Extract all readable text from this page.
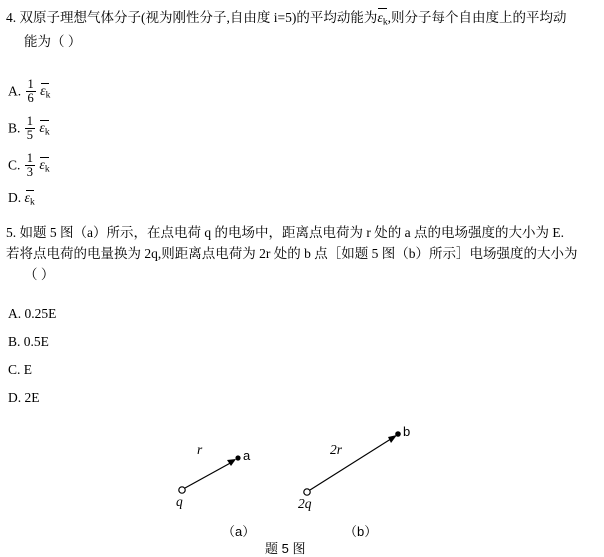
4. 双原子理想气体分子(视为刚性分子,自由度 i=5)的平均动能为
$\varepsilon_k$,则分子每个自由度上的平均动
能为（ ）
A. $\frac{1}{6}$
$\varepsilon_k$
B. $\frac{1}{5}$
$\varepsilon_k$
C. $\frac{1}{3}$
$\varepsilon_k$
D. $\varepsilon_k$
5. 如题 5 图（a）所示，在点电荷 q 的电场中，距离点电荷为 r 处的 a 点的电场强度的大小为 E.
若将点电荷的电量换为 2q,则距离点电荷为 2r 处的 b 点［如题 5 图（b）所示］电场强度的大小为
（ ）
A. 0.25E
B. 0.5E
C. E
D. 2E
r	a
q
2r
b
2q
（a）	（b）
题 5 图
